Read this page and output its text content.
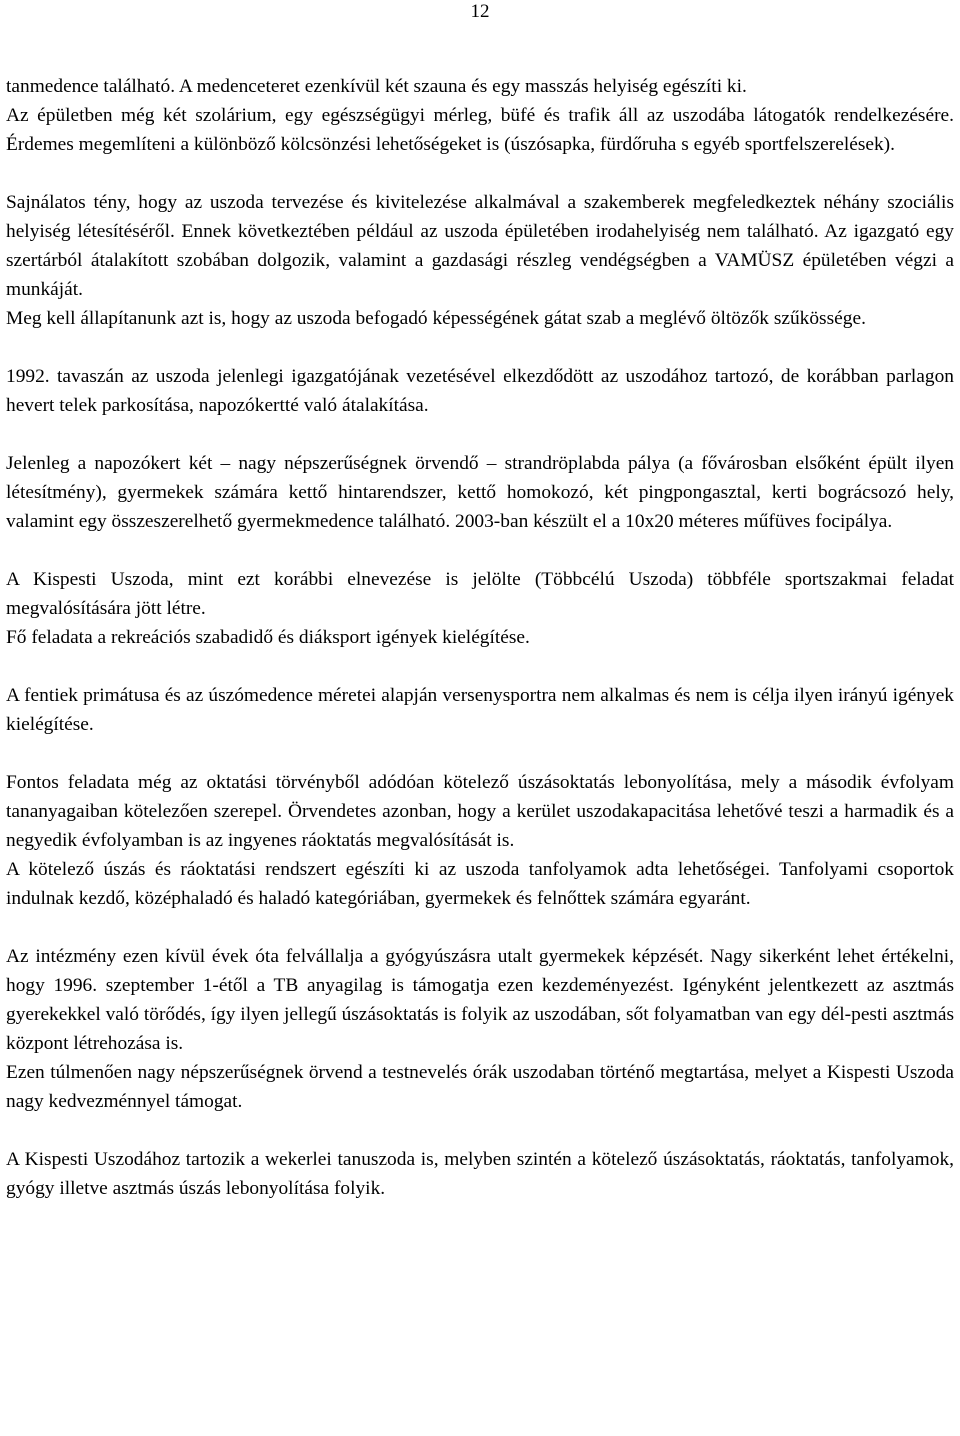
12

tanmedence található. A medenceteret ezenkívül két szauna és egy masszás helyiség egészíti ki.

Az épületben még két szolárium, egy egészségügyi mérleg, büfé és trafik áll az uszodába látogatók rendelkezésére. Érdemes megemlíteni a különböző kölcsönzési lehetőségeket is (úszósapka, fürdőruha s egyéb sportfelszerelések).

Sajnálatos tény, hogy az uszoda tervezése és kivitelezése alkalmával a szakemberek megfeledkeztek néhány szociális helyiség létesítéséről. Ennek következtében például az uszoda épületében irodahelyiség nem található. Az igazgató egy szertárból átalakított szobában dolgozik, valamint a gazdasági részleg vendégségben a VAMÜSZ épületében végzi a munkáját.

Meg kell állapítanunk azt is, hogy az uszoda befogadó képességének gátat szab a meglévő öltözők szűkössége.

1992. tavaszán az uszoda jelenlegi igazgatójának vezetésével elkezdődött az uszodához tartozó, de korábban parlagon hevert telek parkosítása, napozókertté való átalakítása.

Jelenleg a napozókert két – nagy népszerűségnek örvendő – strandröplabda pálya (a fővárosban elsőként épült ilyen létesítmény), gyermekek számára kettő hintarendszer, kettő homokozó, két pingpongasztal, kerti bográcsozó hely, valamint egy összeszerelhető gyermekmedence található. 2003-ban készült el a 10x20 méteres műfüves focipálya.

A Kispesti Uszoda, mint ezt korábbi elnevezése is jelölte (Többcélú Uszoda) többféle sportszakmai feladat megvalósítására jött létre.

Fő feladata a rekreációs szabadidő és diáksport igények kielégítése.

A fentiek primátusa és az úszómedence méretei alapján versenysportra nem alkalmas és nem is célja ilyen irányú igények kielégítése.

Fontos feladata még az oktatási törvényből adódóan kötelező úszásoktatás lebonyolítása, mely a második évfolyam tananyagaiban kötelezően szerepel. Örvendetes azonban, hogy a kerület uszodakapacitása lehetővé teszi a harmadik és a negyedik évfolyamban is az ingyenes ráoktatás megvalósítását is.

A kötelező úszás és ráoktatási rendszert egészíti ki az uszoda tanfolyamok adta lehetőségei. Tanfolyami csoportok indulnak kezdő, középhaladó és haladó kategóriában, gyermekek és felnőttek számára egyaránt.

Az intézmény ezen kívül évek óta felvállalja a gyógyúszásra utalt gyermekek képzését. Nagy sikerként lehet értékelni, hogy 1996. szeptember 1-étől a TB anyagilag is támogatja ezen kezdeményezést. Igényként jelentkezett az asztmás gyerekekkel való törődés, így ilyen jellegű úszásoktatás is folyik az uszodában, sőt folyamatban van egy dél-pesti asztmás központ létrehozása is.

Ezen túlmenően nagy népszerűségnek örvend a testnevelés órák uszodaban történő megtartása, melyet a Kispesti Uszoda nagy kedvezménnyel támogat.

A Kispesti Uszodához tartozik a wekerlei tanuszoda is, melyben szintén a kötelező úszásoktatás, ráoktatás, tanfolyamok, gyógy illetve asztmás úszás lebonyolítása folyik.
